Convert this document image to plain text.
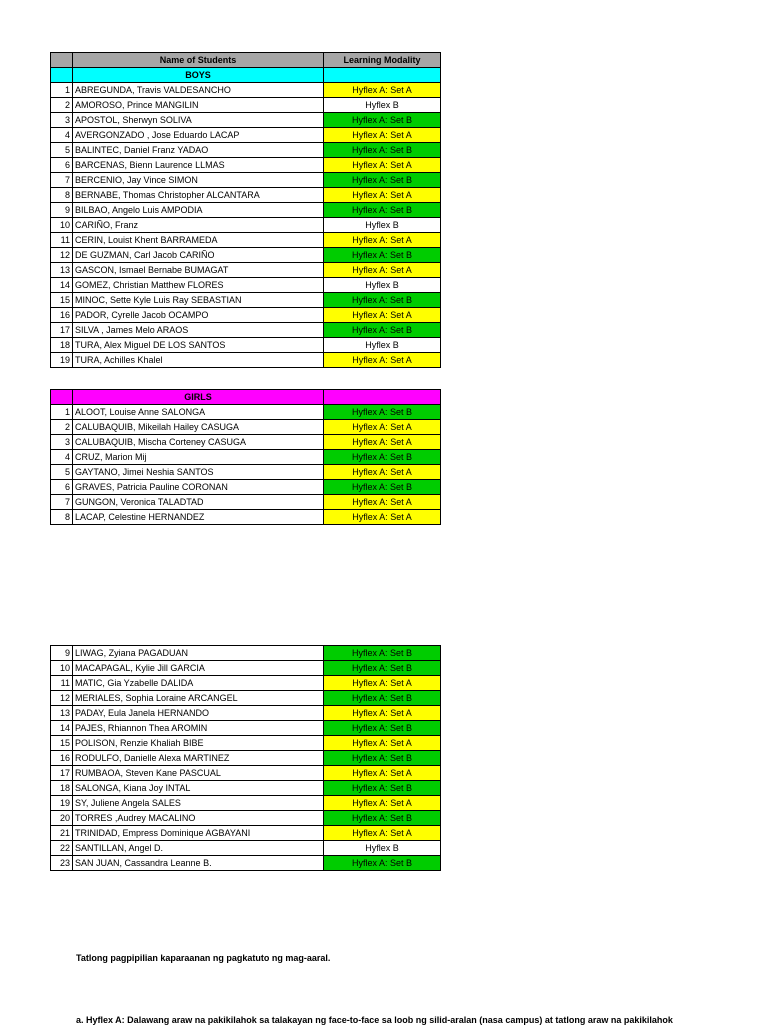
	Name of Students	Learning Modality
	BOYS	
1	ABREGUNDA, Travis VALDESANCHO	Hyflex A: Set A
2	AMOROSO, Prince MANGILIN	Hyflex B
3	APOSTOL, Sherwyn SOLIVA	Hyflex A: Set B
4	AVERGONZADO , Jose Eduardo LACAP	Hyflex A: Set A
5	BALINTEC, Daniel Franz YADAO	Hyflex A: Set B
6	BARCENAS, Bienn Laurence LLMAS	Hyflex A: Set A
7	BERCENIO, Jay Vince SIMON	Hyflex A: Set B
8	BERNABE, Thomas Christopher ALCANTARA	Hyflex A: Set A
9	BILBAO, Angelo Luis AMPODIA	Hyflex A: Set B
10	CARIÑO, Franz	Hyflex B
11	CERIN, Louist Khent BARRAMEDA	Hyflex A: Set A
12	DE GUZMAN, Carl Jacob CARIÑO	Hyflex A: Set B
13	GASCON, Ismael Bernabe BUMAGAT	Hyflex A: Set A
14	GOMEZ, Christian Matthew FLORES	Hyflex B
15	MINOC, Sette Kyle Luis Ray SEBASTIAN	Hyflex A: Set B
16	PADOR, Cyrelle Jacob OCAMPO	Hyflex A: Set A
17	SILVA , James Melo ARAOS	Hyflex A: Set B
18	TURA, Alex Miguel DE LOS SANTOS	Hyflex B
19	TURA, Achilles Khalel	Hyflex A: Set A
	GIRLS	
1	ALOOT, Louise Anne SALONGA	Hyflex A: Set B
2	CALUBAQUIB, Mikeilah Hailey CASUGA	Hyflex A: Set A
3	CALUBAQUIB, Mischa Corteney CASUGA	Hyflex A: Set A
4	CRUZ, Marion Mij	Hyflex A: Set B
5	GAYTANO, Jimei Neshia SANTOS	Hyflex A: Set A
6	GRAVES, Patricia Pauline CORONAN	Hyflex A: Set B
7	GUNGON, Veronica TALADTAD	Hyflex A: Set A
8	LACAP, Celestine HERNANDEZ	Hyflex A: Set A
9	LIWAG, Zyiana PAGADUAN	Hyflex A: Set B
10	MACAPAGAL, Kylie Jill GARCIA	Hyflex A: Set B
11	MATIC, Gia Yzabelle DALIDA	Hyflex A: Set A
12	MERIALES, Sophia Loraine ARCANGEL	Hyflex A: Set B
13	PADAY, Eula Janela HERNANDO	Hyflex A: Set A
14	PAJES, Rhiannon Thea AROMIN	Hyflex A: Set B
15	POLISON, Renzie Khaliah BIBE	Hyflex A: Set A
16	RODULFO, Danielle Alexa MARTINEZ	Hyflex A: Set B
17	RUMBAOA, Steven Kane PASCUAL	Hyflex A: Set A
18	SALONGA, Kiana Joy INTAL	Hyflex A: Set B
19	SY, Juliene Angela SALES	Hyflex A: Set A
20	TORRES ,Audrey MACALINO	Hyflex A: Set B
21	TRINIDAD, Empress Dominique AGBAYANI	Hyflex A: Set A
22	SANTILLAN, Angel D.	Hyflex B
23	SAN JUAN, Cassandra Leanne B.	Hyflex A: Set B
Tatlong pagpipilian kaparaanan ng pagkatuto ng mag-aaral.
a. Hyflex A: Dalawang araw na pakikilahok sa talakayan ng face-to-face sa loob ng silid-aralan (nasa campus) at tatlong araw na pakikilahok
